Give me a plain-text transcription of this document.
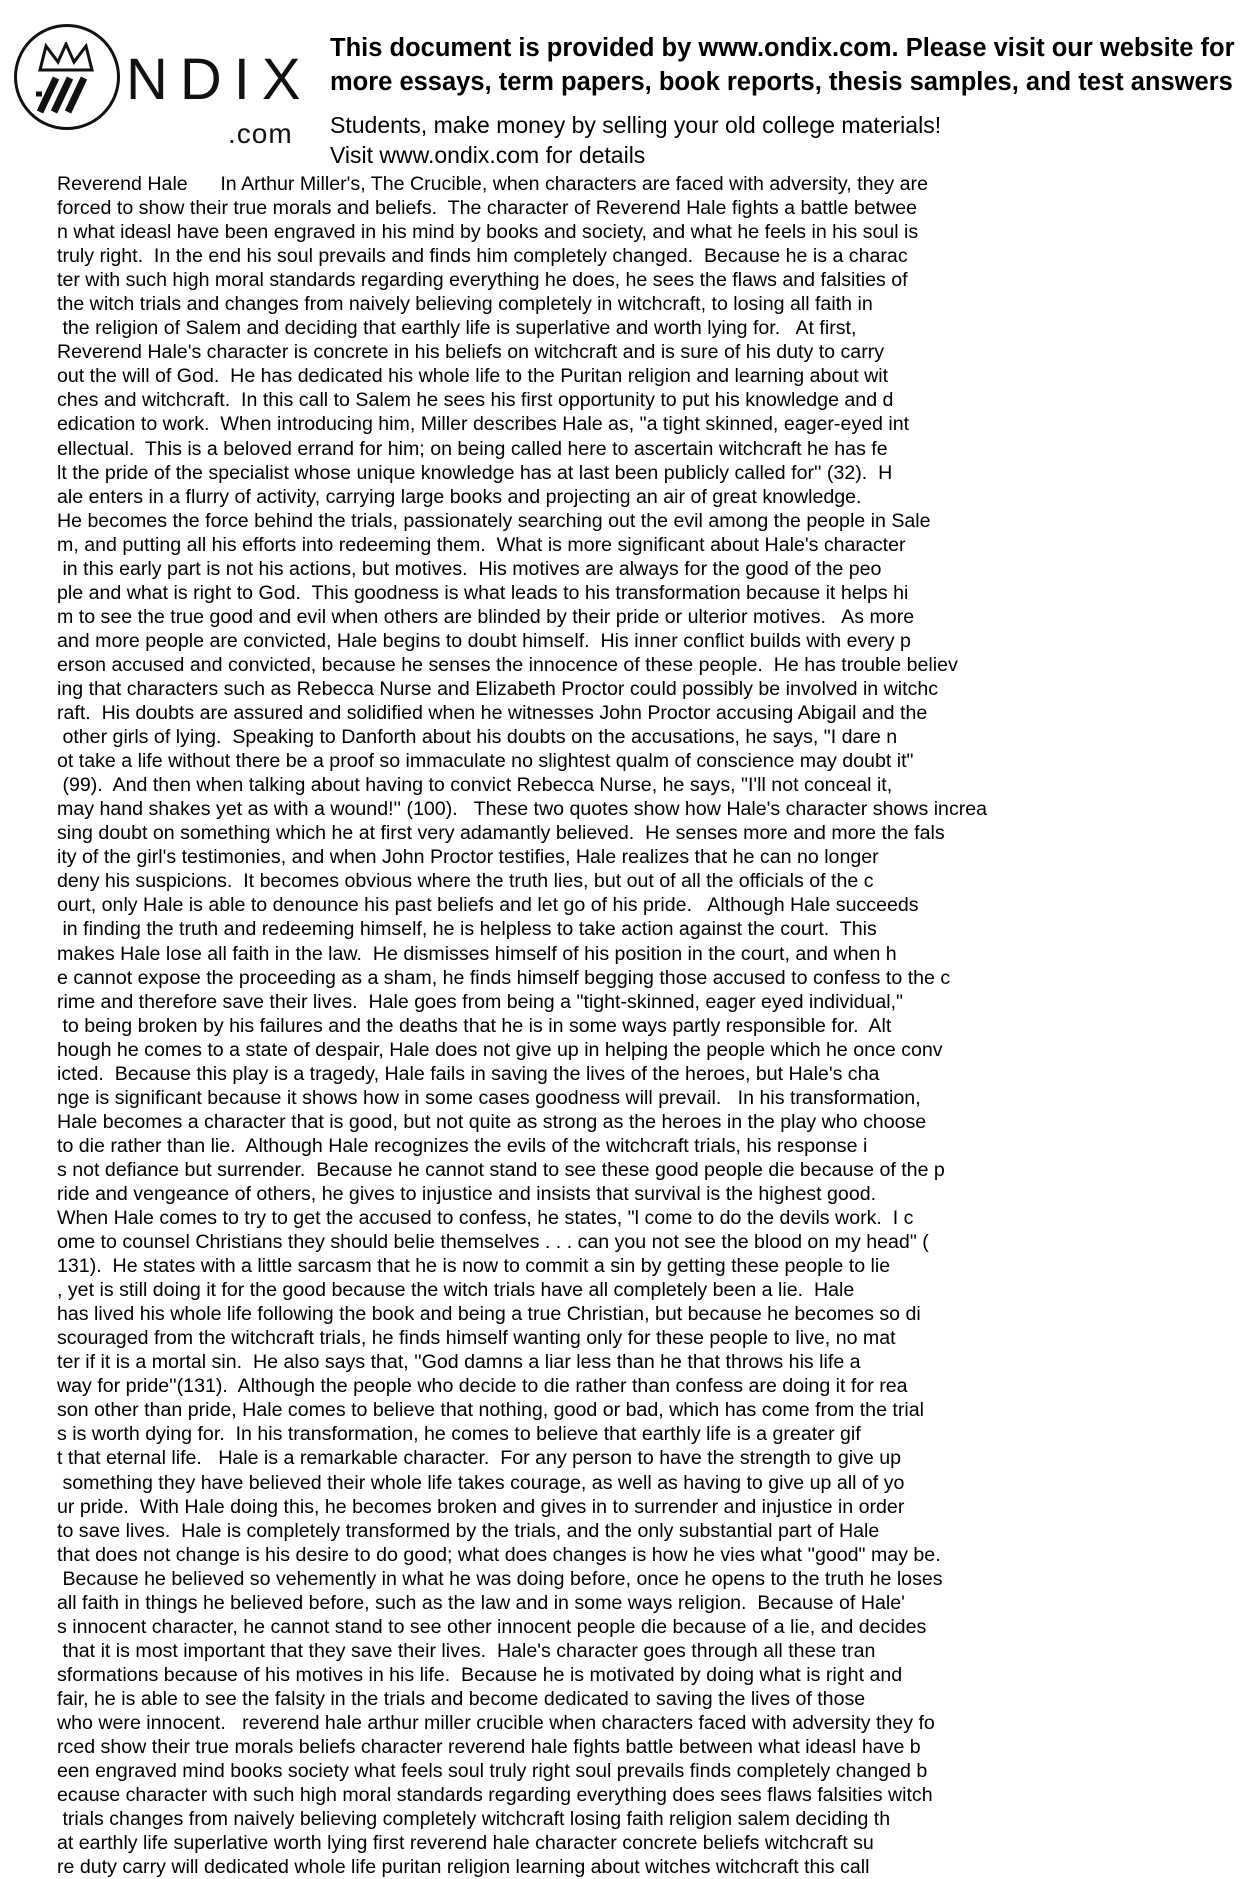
NDIX
.com
This document is provided by www.ondix.com. Please visit our website for
more essays, term papers, book reports, thesis samples, and test answers
Students, make money by selling your old college materials!
Visit www.ondix.com for details
Reverend Hale      In Arthur Miller's, The Crucible, when characters are faced with adversity, they are
forced to show their true morals and beliefs.  The character of Reverend Hale fights a battle betwee
n what ideasl have been engraved in his mind by books and society, and what he feels in his soul is
truly right.  In the end his soul prevails and finds him completely changed.  Because he is a charac
ter with such high moral standards regarding everything he does, he sees the flaws and falsities of
the witch trials and changes from naively believing completely in witchcraft, to losing all faith in
the religion of Salem and deciding that earthly life is superlative and worth lying for.   At first,
Reverend Hale's character is concrete in his beliefs on witchcraft and is sure of his duty to carry
out the will of God.  He has dedicated his whole life to the Puritan religion and learning about wit
ches and witchcraft.  In this call to Salem he sees his first opportunity to put his knowledge and d
edication to work.  When introducing him, Miller describes Hale as, "a tight skinned, eager-eyed int
ellectual.  This is a beloved errand for him; on being called here to ascertain witchcraft he has fe
lt the pride of the specialist whose unique knowledge has at last been publicly called for'' (32).  H
ale enters in a flurry of activity, carrying large books and projecting an air of great knowledge.
He becomes the force behind the trials, passionately searching out the evil among the people in Sale
m, and putting all his efforts into redeeming them.  What is more significant about Hale's character
in this early part is not his actions, but motives.  His motives are always for the good of the peo
ple and what is right to God.  This goodness is what leads to his transformation because it helps hi
m to see the true good and evil when others are blinded by their pride or ulterior motives.   As more
and more people are convicted, Hale begins to doubt himself.  His inner conflict builds with every p
erson accused and convicted, because he senses the innocence of these people.  He has trouble believ
ing that characters such as Rebecca Nurse and Elizabeth Proctor could possibly be involved in witchc
raft.  His doubts are assured and solidified when he witnesses John Proctor accusing Abigail and the
other girls of lying.  Speaking to Danforth about his doubts on the accusations, he says, "I dare n
ot take a life without there be a proof so immaculate no slightest qualm of conscience may doubt it"
(99).  And then when talking about having to convict Rebecca Nurse, he says, "I'll not conceal it,
may hand shakes yet as with a wound!'' (100).   These two quotes show how Hale's character shows increa
sing doubt on something which he at first very adamantly believed.  He senses more and more the fals
ity of the girl's testimonies, and when John Proctor testifies, Hale realizes that he can no longer
deny his suspicions.  It becomes obvious where the truth lies, but out of all the officials of the c
ourt, only Hale is able to denounce his past beliefs and let go of his pride.   Although Hale succeeds
in finding the truth and redeeming himself, he is helpless to take action against the court.  This
makes Hale lose all faith in the law.  He dismisses himself of his position in the court, and when h
e cannot expose the proceeding as a sham, he finds himself begging those accused to confess to the c
rime and therefore save their lives.  Hale goes from being a "tight-skinned, eager eyed individual,"
to being broken by his failures and the deaths that he is in some ways partly responsible for.  Alt
hough he comes to a state of despair, Hale does not give up in helping the people which he once conv
icted.  Because this play is a tragedy, Hale fails in saving the lives of the heroes, but Hale's cha
nge is significant because it shows how in some cases goodness will prevail.   In his transformation,
Hale becomes a character that is good, but not quite as strong as the heroes in the play who choose
to die rather than lie.  Although Hale recognizes the evils of the witchcraft trials, his response i
s not defiance but surrender.  Because he cannot stand to see these good people die because of the p
ride and vengeance of others, he gives to injustice and insists that survival is the highest good.
When Hale comes to try to get the accused to confess, he states, "l come to do the devils work.  I c
ome to counsel Christians they should belie themselves . . . can you not see the blood on my head" (
131).  He states with a little sarcasm that he is now to commit a sin by getting these people to lie
, yet is still doing it for the good because the witch trials have all completely been a lie.  Hale
has lived his whole life following the book and being a true Christian, but because he becomes so di
scouraged from the witchcraft trials, he finds himself wanting only for these people to live, no mat
ter if it is a mortal sin.  He also says that, ''God damns a liar less than he that throws his life a
way for pride''(131).  Although the people who decide to die rather than confess are doing it for rea
son other than pride, Hale comes to believe that nothing, good or bad, which has come from the trial
s is worth dying for.  In his transformation, he comes to believe that earthly life is a greater gif
t that eternal life.   Hale is a remarkable character.  For any person to have the strength to give up
something they have believed their whole life takes courage, as well as having to give up all of yo
ur pride.  With Hale doing this, he becomes broken and gives in to surrender and injustice in order
to save lives.  Hale is completely transformed by the trials, and the only substantial part of Hale
that does not change is his desire to do good; what does changes is how he vies what ''good" may be.
Because he believed so vehemently in what he was doing before, once he opens to the truth he loses
all faith in things he believed before, such as the law and in some ways religion.  Because of Hale'
s innocent character, he cannot stand to see other innocent people die because of a lie, and decides
that it is most important that they save their lives.  Hale's character goes through all these tran
sformations because of his motives in his life.  Because he is motivated by doing what is right and
fair, he is able to see the falsity in the trials and become dedicated to saving the lives of those
who were innocent.   reverend hale arthur miller crucible when characters faced with adversity they fo
rced show their true morals beliefs character reverend hale fights battle between what ideasl have b
een engraved mind books society what feels soul truly right soul prevails finds completely changed b
ecause character with such high moral standards regarding everything does sees flaws falsities witch
trials changes from naively believing completely witchcraft losing faith religion salem deciding th
at earthly life superlative worth lying first reverend hale character concrete beliefs witchcraft su
re duty carry will dedicated whole life puritan religion learning about witches witchcraft this call
